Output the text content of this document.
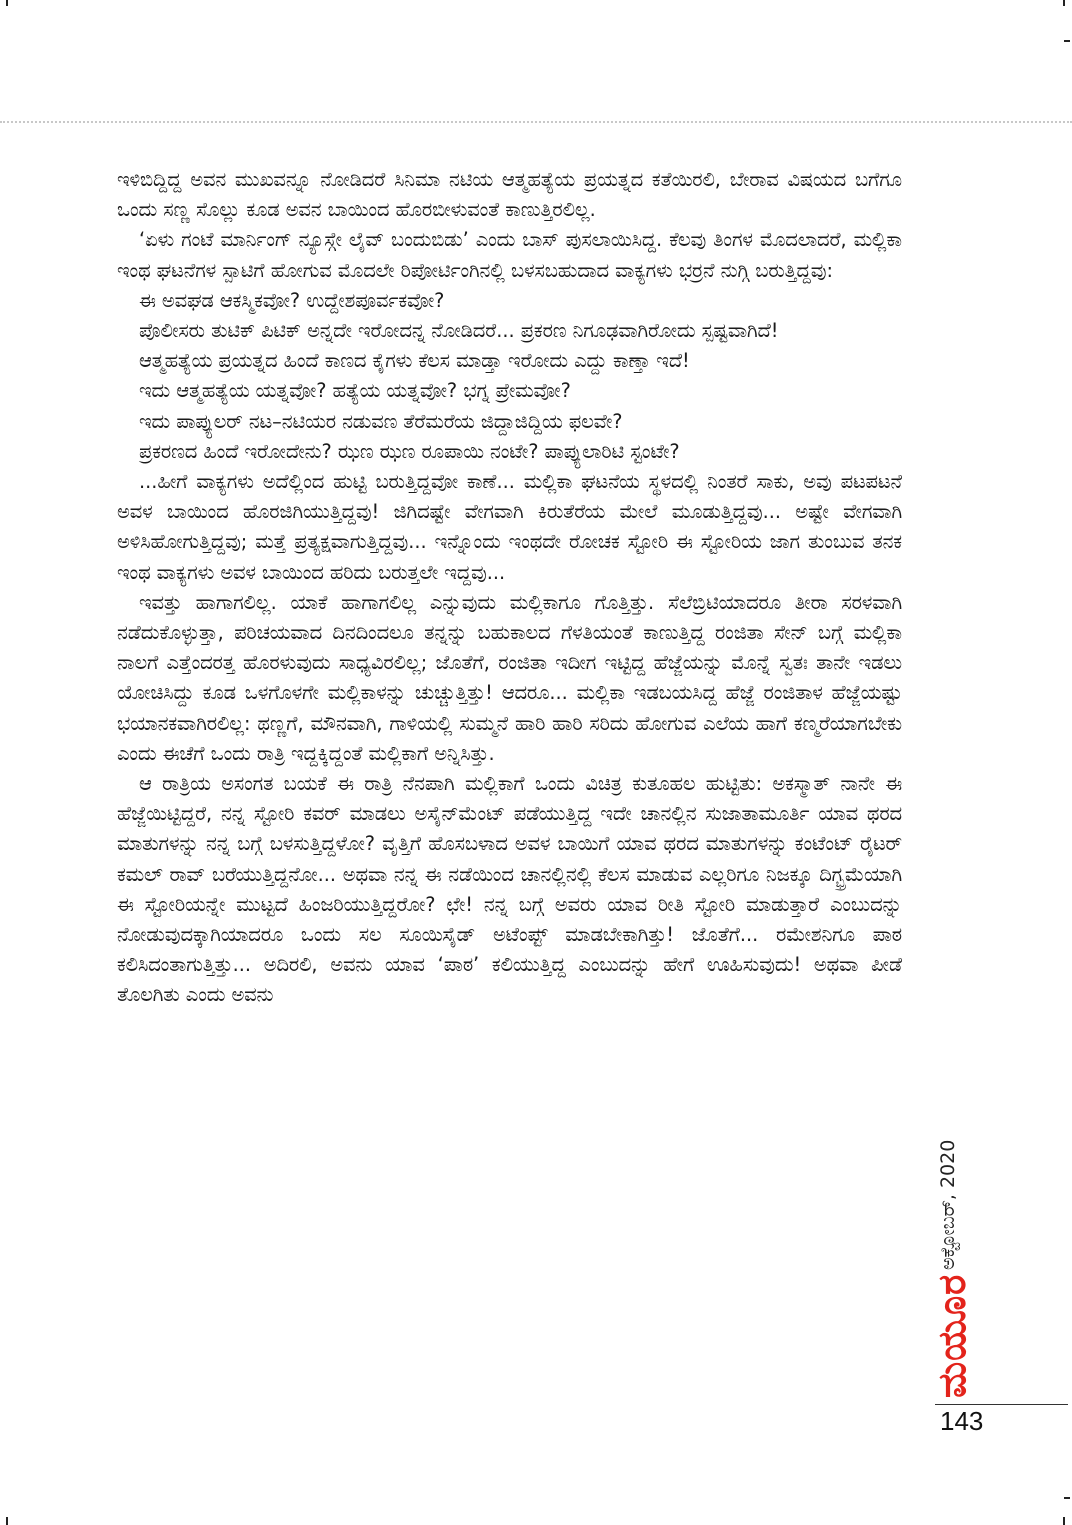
ಇಳಿಬಿದ್ದಿದ್ದ ಅವನ ಮುಖವನ್ನೂ ನೋಡಿದರೆ ಸಿನಿಮಾ ನಟಿಯ ಆತ್ಮಹತ್ಯೆಯ ಪ್ರಯತ್ನದ ಕತೆಯಿರಲಿ, ಬೇರಾವ ವಿಷಯದ ಬಗೆಗೂ ಒಂದು ಸಣ್ಣ ಸೊಲ್ಲು ಕೂಡ ಅವನ ಬಾಯಿಂದ ಹೊರಬೀಳುವಂತೆ ಕಾಣುತ್ತಿರಲಿಲ್ಲ.

‘ಏಳು ಗಂಟೆ ಮಾರ್ನಿಂಗ್ ನ್ಯೂಸ್ಗೇ ಲೈವ್ ಬಂದುಬಿಡು’ ಎಂದು ಬಾಸ್ ಪುಸಲಾಯಿಸಿದ್ದ. ಕೆಲವು ತಿಂಗಳ ಮೊದಲಾದರೆ, ಮಲ್ಲಿಕಾ ಇಂಥ ಘಟನೆಗಳ ಸ್ಪಾಟಿಗೆ ಹೋಗುವ ಮೊದಲೇ ರಿಪೋರ್ಟಿಂಗಿನಲ್ಲಿ ಬಳಸಬಹುದಾದ ವಾಕ್ಯಗಳು ಭರ್ರನೆ ನುಗ್ಗಿ ಬರುತ್ತಿದ್ದವು:

ಈ ಅವಘಡ ಆಕಸ್ಮಿಕವೋ? ಉದ್ದೇಶಪೂರ್ವಕವೋ?

ಪೊಲೀಸರು ತುಟಿಕ್ ಪಿಟಿಕ್ ಅನ್ನದೇ ಇರೋದನ್ನ ನೋಡಿದರೆ... ಪ್ರಕರಣ ನಿಗೂಢವಾಗಿರೋದು ಸ್ಪಷ್ಟವಾಗಿದೆ!

ಆತ್ಮಹತ್ಯೆಯ ಪ್ರಯತ್ನದ ಹಿಂದೆ ಕಾಣದ ಕೈಗಳು ಕೆಲಸ ಮಾಡ್ತಾ ಇರೋದು ಎದ್ದು ಕಾಣ್ತಾ ಇದೆ!

ಇದು ಆತ್ಮಹತ್ಯೆಯ ಯತ್ನವೋ? ಹತ್ಯೆಯ ಯತ್ನವೋ? ಭಗ್ನ ಪ್ರೇಮವೋ?

ಇದು ಪಾಪ್ಯುಲರ್ ನಟ–ನಟಿಯರ ನಡುವಣ ತೆರೆಮರೆಯ ಜಿದ್ದಾಜಿದ್ದಿಯ ಫಲವೇ?

ಪ್ರಕರಣದ ಹಿಂದೆ ಇರೋದೇನು? ಝಣ ಝಣ ರೂಪಾಯಿ ನಂಟೇ? ಪಾಪ್ಯುಲಾರಿಟಿ ಸ್ಟಂಟೇ?

...ಹೀಗೆ ವಾಕ್ಯಗಳು ಅದೆಲ್ಲಿಂದ ಹುಟ್ಟಿ ಬರುತ್ತಿದ್ದವೋ ಕಾಣೆ... ಮಲ್ಲಿಕಾ ಘಟನೆಯ ಸ್ಥಳದಲ್ಲಿ ನಿಂತರೆ ಸಾಕು, ಅವು ಪಟಪಟನೆ ಅವಳ ಬಾಯಿಂದ ಹೊರಜಿಗಿಯುತ್ತಿದ್ದವು! ಜಿಗಿದಷ್ಟೇ ವೇಗವಾಗಿ ಕಿರುತೆರೆಯ ಮೇಲೆ ಮೂಡುತ್ತಿದ್ದವು... ಅಷ್ಟೇ ವೇಗವಾಗಿ ಅಳಿಸಿಹೋಗುತ್ತಿದ್ದವು; ಮತ್ತೆ ಪ್ರತ್ಯಕ್ಷವಾಗುತ್ತಿದ್ದವು... ಇನ್ನೊಂದು ಇಂಥದೇ ರೋಚಕ ಸ್ಟೋರಿ ಈ ಸ್ಟೋರಿಯ ಜಾಗ ತುಂಬುವ ತನಕ ಇಂಥ ವಾಕ್ಯಗಳು ಅವಳ ಬಾಯಿಂದ ಹರಿದು ಬರುತ್ತಲೇ ಇದ್ದವು...

ಇವತ್ತು ಹಾಗಾಗಲಿಲ್ಲ. ಯಾಕೆ ಹಾಗಾಗಲಿಲ್ಲ ಎನ್ನುವುದು ಮಲ್ಲಿಕಾಗೂ ಗೊತ್ತಿತ್ತು. ಸೆಲೆಬ್ರಿಟಿಯಾದರೂ ತೀರಾ ಸರಳವಾಗಿ ನಡೆದುಕೊಳ್ಳುತ್ತಾ, ಪರಿಚಯವಾದ ದಿನದಿಂದಲೂ ತನ್ನನ್ನು ಬಹುಕಾಲದ ಗೆಳತಿಯಂತೆ ಕಾಣುತ್ತಿದ್ದ ರಂಜಿತಾ ಸೇನ್ ಬಗ್ಗೆ ಮಲ್ಲಿಕಾ ನಾಲಗೆ ಎತ್ತೆಂದರತ್ತ ಹೊರಳುವುದು ಸಾಧ್ಯವಿರಲಿಲ್ಲ; ಜೊತೆಗೆ, ರಂಜಿತಾ ಇದೀಗ ಇಟ್ಟಿದ್ದ ಹೆಜ್ಜೆಯನ್ನು ಮೊನ್ನೆ ಸ್ವತಃ ತಾನೇ ಇಡಲು ಯೋಚಿಸಿದ್ದು ಕೂಡ ಒಳಗೊಳಗೇ ಮಲ್ಲಿಕಾಳನ್ನು ಚುಚ್ಚುತ್ತಿತ್ತು! ಆದರೂ... ಮಲ್ಲಿಕಾ ಇಡಬಯಸಿದ್ದ ಹೆಜ್ಜೆ ರಂಜಿತಾಳ ಹೆಜ್ಜೆಯಷ್ಟು ಭಯಾನಕವಾಗಿರಲಿಲ್ಲ: ಥಣ್ಣಗೆ, ಮೌನವಾಗಿ, ಗಾಳಿಯಲ್ಲಿ ಸುಮ್ಮನೆ ಹಾರಿ ಹಾರಿ ಸರಿದು ಹೋಗುವ ಎಲೆಯ ಹಾಗೆ ಕಣ್ಮರೆಯಾಗಬೇಕು ಎಂದು ಈಚೆಗೆ ಒಂದು ರಾತ್ರಿ ಇದ್ದಕ್ಕಿದ್ದಂತೆ ಮಲ್ಲಿಕಾಗೆ ಅನ್ನಿಸಿತ್ತು.

ಆ ರಾತ್ರಿಯ ಅಸಂಗತ ಬಯಕೆ ಈ ರಾತ್ರಿ ನೆನಪಾಗಿ ಮಲ್ಲಿಕಾಗೆ ಒಂದು ವಿಚಿತ್ರ ಕುತೂಹಲ ಹುಟ್ಟಿತು: ಅಕಸ್ಮಾತ್ ನಾನೇ ಈ ಹೆಜ್ಜೆಯಿಟ್ಟಿದ್ದರೆ, ನನ್ನ ಸ್ಟೋರಿ ಕವರ್ ಮಾಡಲು ಅಸೈನ್‌ಮೆಂಟ್ ಪಡೆಯುತ್ತಿದ್ದ ಇದೇ ಚಾನಲ್ಲಿನ ಸುಜಾತಾಮೂರ್ತಿ ಯಾವ ಥರದ ಮಾತುಗಳನ್ನು ನನ್ನ ಬಗ್ಗೆ ಬಳಸುತ್ತಿದ್ದಳೋ? ವೃತ್ತಿಗೆ ಹೊಸಬಳಾದ ಅವಳ ಬಾಯಿಗೆ ಯಾವ ಥರದ ಮಾತುಗಳನ್ನು ಕಂಟೆಂಟ್ ರೈಟರ್ ಕಮಲ್ ರಾವ್ ಬರೆಯುತ್ತಿದ್ದನೋ... ಅಥವಾ ನನ್ನ ಈ ನಡೆಯಿಂದ ಚಾನಲ್ಲಿನಲ್ಲಿ ಕೆಲಸ ಮಾಡುವ ಎಲ್ಲರಿಗೂ ನಿಜಕ್ಕೂ ದಿಗ್ಭ್ರಮೆಯಾಗಿ ಈ ಸ್ಟೋರಿಯನ್ನೇ ಮುಟ್ಟದೆ ಹಿಂಜರಿಯುತ್ತಿದ್ದರೋ? ಛೇ! ನನ್ನ ಬಗ್ಗೆ ಅವರು ಯಾವ ರೀತಿ ಸ್ಟೋರಿ ಮಾಡುತ್ತಾರೆ ಎಂಬುದನ್ನು ನೋಡುವುದಕ್ಕಾಗಿಯಾದರೂ ಒಂದು ಸಲ ಸೂಯಿಸೈಡ್ ಅಟೆಂಪ್ಟ್ ಮಾಡಬೇಕಾಗಿತ್ತು! ಜೊತೆಗೆ... ರಮೇಶನಿಗೂ ಪಾಠ ಕಲಿಸಿದಂತಾಗುತ್ತಿತ್ತು... ಅದಿರಲಿ, ಅವನು ಯಾವ ‘ಪಾಠ’ ಕಲಿಯುತ್ತಿದ್ದ ಎಂಬುದನ್ನು ಹೇಗೆ ಊಹಿಸುವುದು! ಅಥವಾ ಪೀಡೆ ತೊಲಗಿತು ಎಂದು ಅವನು

ಅಕ್ಟೋಬರ್, 2020
ಮಯೂರ
143
